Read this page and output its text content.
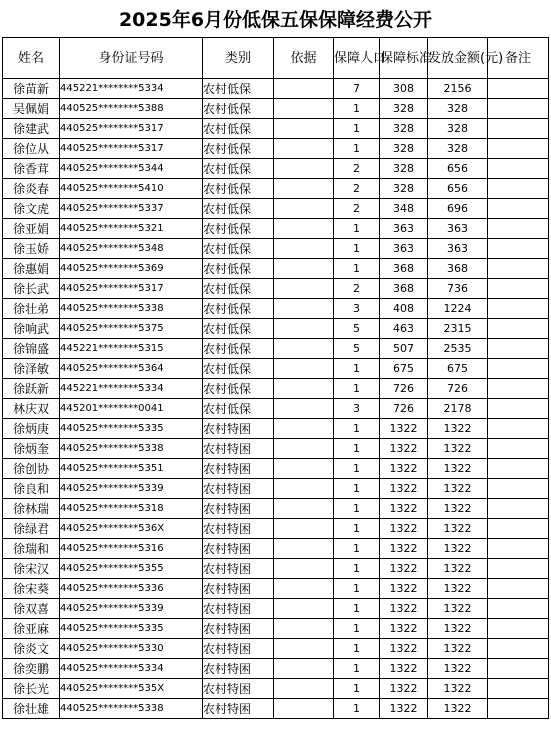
2025年6月份低保五保保障经费公开
姓名	身份证号码	类别	依据	保障人口	保障标准	发放金额(元)	备注
徐苗新	445221********5334	农村低保		7	308	2156	
吴佩娟	440525********5388	农村低保		1	328	328	
徐建武	440525********5317	农村低保		1	328	328	
徐位从	440525********5317	农村低保		1	328	328	
徐香茸	440525********5344	农村低保		2	328	656	
徐炎春	440525********5410	农村低保		2	328	656	
徐文虎	440525********5337	农村低保		2	348	696	
徐亚娟	440525********5321	农村低保		1	363	363	
徐玉娇	440525********5348	农村低保		1	363	363	
徐惠娟	440525********5369	农村低保		1	368	368	
徐长武	440525********5317	农村低保		2	368	736	
徐壮弟	440525********5338	农村低保		3	408	1224	
徐响武	440525********5375	农村低保		5	463	2315	
徐锦盛	445221********5315	农村低保		5	507	2535	
徐泽敏	440525********5364	农村低保		1	675	675	
徐跃新	445221********5334	农村低保		1	726	726	
林庆双	445201********0041	农村低保		3	726	2178	
徐炳庚	440525********5335	农村特困		1	1322	1322	
徐炳奎	440525********5338	农村特困		1	1322	1322	
徐创协	440525********5351	农村特困		1	1322	1322	
徐良和	440525********5339	农村特困		1	1322	1322	
徐林瑞	440525********5318	农村特困		1	1322	1322	
徐绿君	440525********536X	农村特困		1	1322	1322	
徐瑞和	440525********5316	农村特困		1	1322	1322	
徐宋汉	440525********5355	农村特困		1	1322	1322	
徐宋葵	440525********5336	农村特困		1	1322	1322	
徐双喜	440525********5339	农村特困		1	1322	1322	
徐亚麻	440525********5335	农村特困		1	1322	1322	
徐炎文	440525********5330	农村特困		1	1322	1322	
徐奕鹏	440525********5334	农村特困		1	1322	1322	
徐长光	440525********535X	农村特困		1	1322	1322	
徐壮雄	440525********5338	农村特困		1	1322	1322	
